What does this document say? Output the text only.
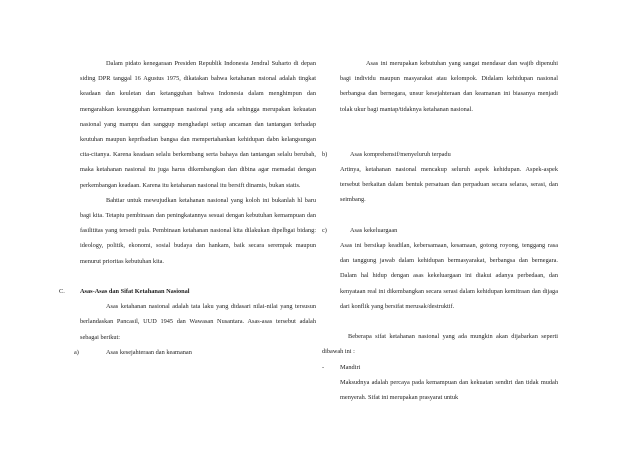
Dalam pidato kenegaraan Presiden Republik Indonesia Jendral Suharto di depan siding DPR tanggal 16 Agustus 1975, dikatakan bahwa ketahanan nsional adalah tingkat keadaan dan keuletan dan ketangguhan bahwa Indonesia dalam menghimpun dan mengarahkan kesungguhan kemampuan nasional yang ada sehingga merupakan kekuatan nasional yang mampu dan sanggup menghadapi setiap ancaman dan tantangan terhadap keutuhan maupun kepribadian bangsa dan mempertahankan kehidupan dabn kelangsungan cita-citanya. Karena keadaan selalu berkembang serta bahaya dan tantangan selalu berubah, maka ketahanan nasional itu juga harus dikembangkan dan dibina agar memadai dengan perkembangan keadaan. Karena itu ketahanan nasional itu bersift dinamis, bukan statis.

Bahtiar untuk mewujudkan ketahanan nasional yang koloh ini bukanlah hl baru bagi kita. Tetapiu pembinaan dan peningkatannya sesuai dengan kebutuhan kemampuan dan fasilititas yang tersedi pula. Pembinaan ketahanan nasional kita dilakukan dipelbgai bidang: ideology, politik, ekonomi, sosial budaya dan hankam, baik secara serempak maupun menurut prioritas kebutuhan kita.

C. Asas-Asas dan Sifat Ketahanan Nasional

Asas ketahanan nasional adalah tata laku yang didasari nilai-nilai yang tersusun berlandaskan Pancasil, UUD 1945 dan Wawasan Nusantara. Asas-asas tersebut adalah sebagai berikut:

a)	Asas kesejahteraan dan keamanan

Asas ini merupakan kebutuhan yang sangat mendasar dan wajib dipenuhi bagi individu maupun masyarakat atau kelompok. Didalam kehidupan nasional berbangsa dan bernegara, unsur kesejahteraan dan keamanan ini biasanya menjadi tolak ukur bagi mantap/tidaknya ketahanan nasional.

b)	Asas komprehensif/menyeluruh terpadu

Artinya, ketahanan nasional mencakup seluruh aspek kehidupan. Aspek-aspek tersebut berkaitan dalam bentuk persatuan dan perpaduan secara selaras, serasi, dan seimbang.

c)	Asas kekeluargaan

Asas ini bersikap keadilan, kebersamaan, kesamaan, gotong royong, tenggang rasa dan tanggung jawab dalam kehidupan bermasyarakat, berbangsa dan bernegara. Dalam hal hidup dengan asas kekeluargaan ini diakui adanya perbedaan, dan kenyataan real ini dikembangkan secara serasi dalam kehidupan kemitraan dan dijaga dari konflik yang bersifat merusak/destruktif.

Beberapa sifat ketahanan nasional yang ada mungkin akan dijabarkan seperti dibawah ini :

-	Mandiri

Maksudnya adalah percaya pada kemampuan dan kekuatan sendiri dan tidak mudah menyerah. Sifat ini merupakan prasyarat untuk
